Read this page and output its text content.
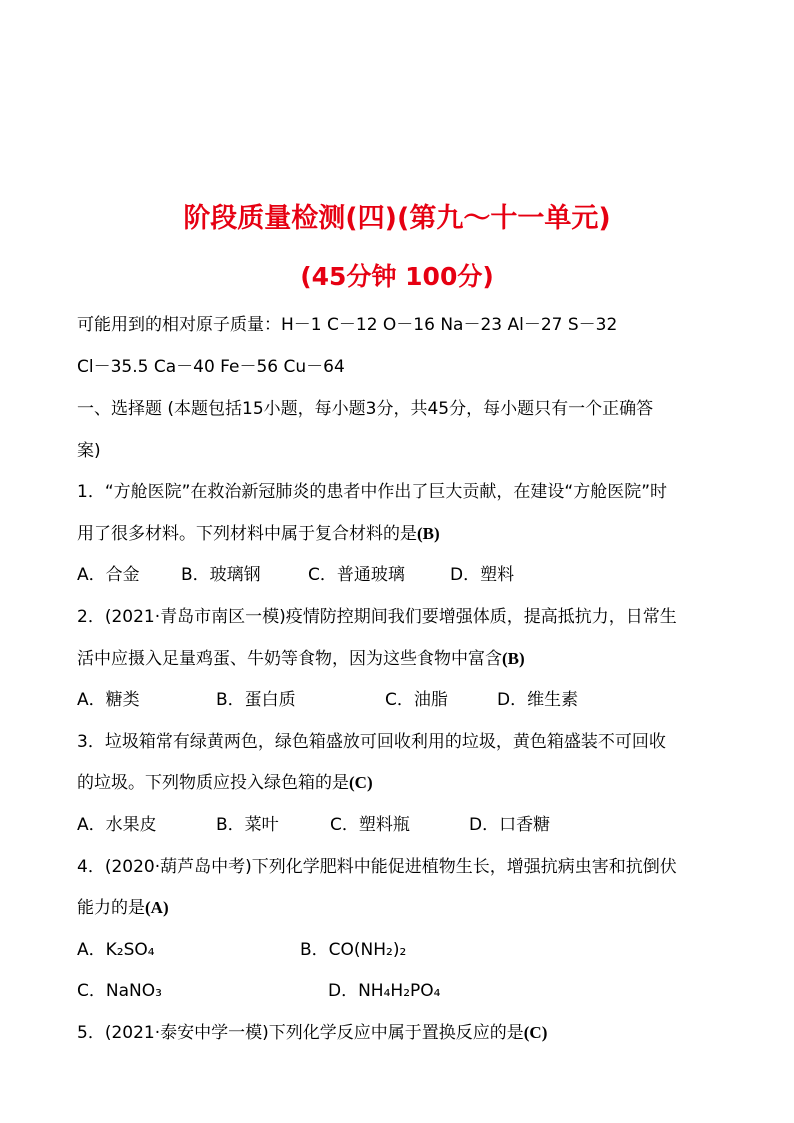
阶段质量检测(四)(第九～十一单元)
(45分钟 100分)
可能用到的相对原子质量：H－1 C－12 O－16 Na－23 Al－27 S－32
Cl－35.5 Ca－40 Fe－56 Cu－64
一、选择题 (本题包括15小题，每小题3分，共45分，每小题只有一个正确答
案)
1．“方舱医院”在救治新冠肺炎的患者中作出了巨大贡献，在建设“方舱医院”时
用了很多材料。下列材料中属于复合材料的是(B)
A．合金 B．玻璃钢	C．普通玻璃	D．塑料
2．(2021·青岛市南区一模)疫情防控期间我们要增强体质，提高抵抗力，日常生
活中应摄入足量鸡蛋、牛奶等食物，因为这些食物中富含(B)
A．糖类	B．蛋白质	C．油脂	D．维生素
3．垃圾箱常有绿黄两色，绿色箱盛放可回收利用的垃圾，黄色箱盛装不可回收
的垃圾。下列物质应投入绿色箱的是(C)
A．水果皮	B．菜叶	C．塑料瓶	D．口香糖
4．(2020·葫芦岛中考)下列化学肥料中能促进植物生长，增强抗病虫害和抗倒伏
能力的是(A)
A．K₂SO₄	B．CO(NH₂)₂
C．NaNO₃	D．NH₄H₂PO₄
5．(2021·泰安中学一模)下列化学反应中属于置换反应的是(C)
